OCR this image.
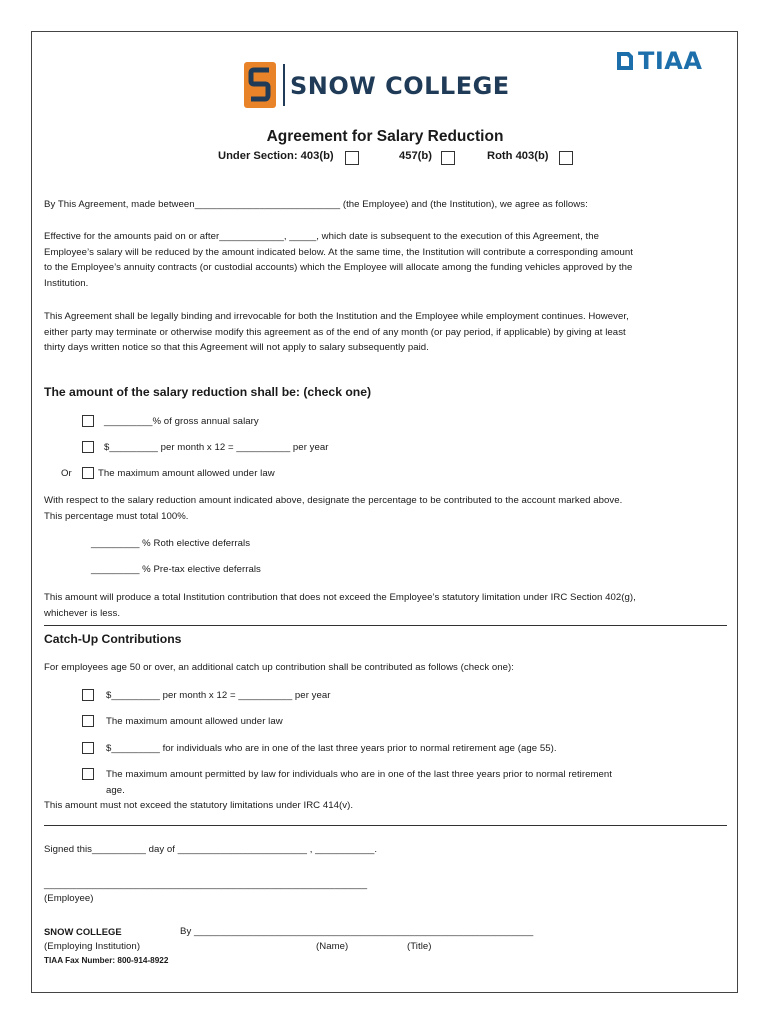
SNOW COLLEGE
TIAA
Agreement for Salary Reduction
Under Section: 403(b)	457(b)	Roth 403(b)
By This Agreement, made between___________________________ (the Employee) and (the Institution), we agree as follows:
Effective for the amounts paid on or after____________, _____, which date is subsequent to the execution of this Agreement, the
Employee’s salary will be reduced by the amount indicated below. At the same time, the Institution will contribute a corresponding amount
to the Employee’s annuity contracts (or custodial accounts) which the Employee will allocate among the funding vehicles approved by the
Institution.
This Agreement shall be legally binding and irrevocable for both the Institution and the Employee while employment continues. However,
either party may terminate or otherwise modify this agreement as of the end of any month (or pay period, if applicable) by giving at least
thirty days written notice so that this Agreement will not apply to salary subsequently paid.
The amount of the salary reduction shall be: (check one)
_________% of gross annual salary
$_________ per month x 12 = __________ per year
Or	The maximum amount allowed under law
With respect to the salary reduction amount indicated above, designate the percentage to be contributed to the account marked above.
This percentage must total 100%.
_________ % Roth elective deferrals
_________ % Pre-tax elective deferrals
This amount will produce a total Institution contribution that does not exceed the Employee’s statutory limitation under IRC Section 402(g),
whichever is less.
Catch-Up Contributions
For employees age 50 or over, an additional catch up contribution shall be contributed as follows (check one):
$_________ per month x 12 = __________ per year
The maximum amount allowed under law
$_________ for individuals who are in one of the last three years prior to normal retirement age (age 55).
The maximum amount permitted by law for individuals who are in one of the last three years prior to normal retirement
age.
This amount must not exceed the statutory limitations under IRC 414(v).
Signed this__________ day of ________________________ , ___________.
____________________________________________________________
(Employee)
SNOW COLLEGE	By _______________________________________________________________
(Employing Institution)	(Name)	(Title)
TIAA Fax Number: 800-914-8922
